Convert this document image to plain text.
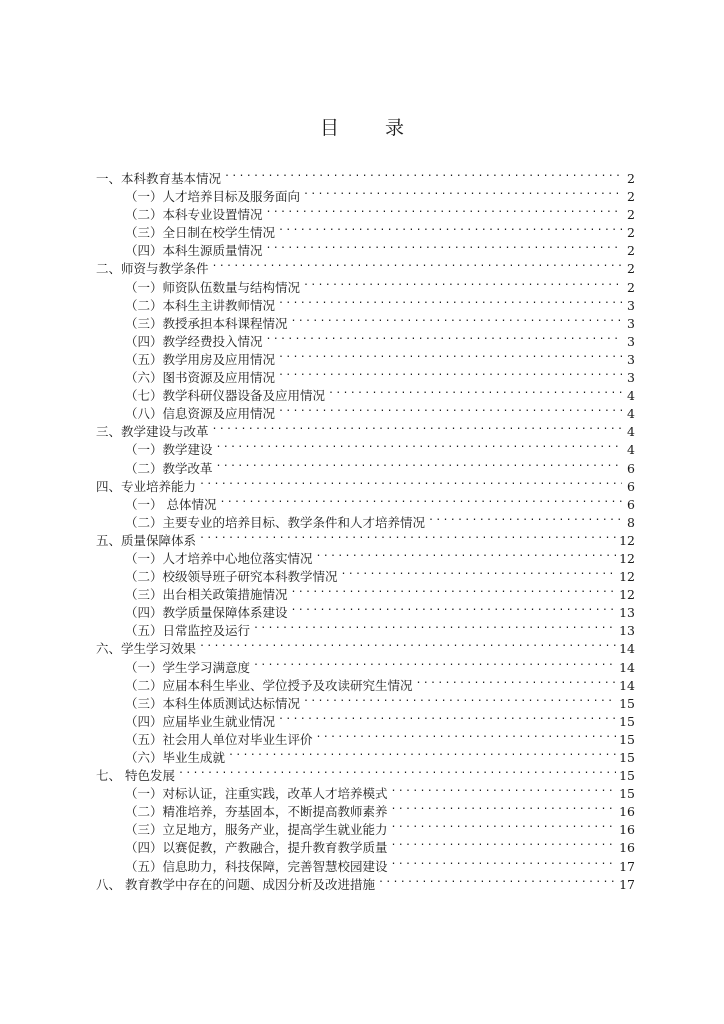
目 录
一、本科教育基本情况 . . .	2
（一）人才培养目标及服务面向 . . .	2
（二）本科专业设置情况 . . .	2
（三）全日制在校学生情况 . . .	2
（四）本科生源质量情况 . . .	2
二、师资与教学条件 . . .	2
（一）师资队伍数量与结构情况 . . .	2
（二）本科生主讲教师情况 . . .	3
（三）教授承担本科课程情况 . . .	3
（四）教学经费投入情况 . . .	3
（五）教学用房及应用情况 . . .	3
（六）图书资源及应用情况 . . .	3
（七）教学科研仪器设备及应用情况 . . .	4
（八）信息资源及应用情况 . . .	4
三、教学建设与改革 . . .	4
（一）教学建设 . . .	4
（二）教学改革 . . .	6
四、专业培养能力 . . .	6
（一） 总体情况 . . .	6
（二）主要专业的培养目标、教学条件和人才培养情况 . . .	8
五、质量保障体系 . . .	12
（一）人才培养中心地位落实情况 . . .	12
（二）校级领导班子研究本科教学情况 . . .	12
（三）出台相关政策措施情况 . . .	12
（四）教学质量保障体系建设 . . .	13
（五）日常监控及运行 . . .	13
六、学生学习效果 . . .	14
（一）学生学习满意度 . . .	14
（二）应届本科生毕业、学位授予及攻读研究生情况 . . .	14
（三）本科生体质测试达标情况 . . .	15
（四）应届毕业生就业情况 . . .	15
（五）社会用人单位对毕业生评价 . . .	15
（六）毕业生成就 . . .	15
七、 特色发展 . . .	15
（一）对标认证，注重实践，改革人才培养模式 . . .	15
（二）精准培养，夯基固本，不断提高教师素养 . . .	16
（三）立足地方，服务产业，提高学生就业能力 . . .	16
（四）以赛促教，产教融合，提升教育教学质量 . . .	16
（五）信息助力，科技保障，完善智慧校园建设 . . .	17
八、 教育教学中存在的问题、成因分析及改进措施 . . .	17
